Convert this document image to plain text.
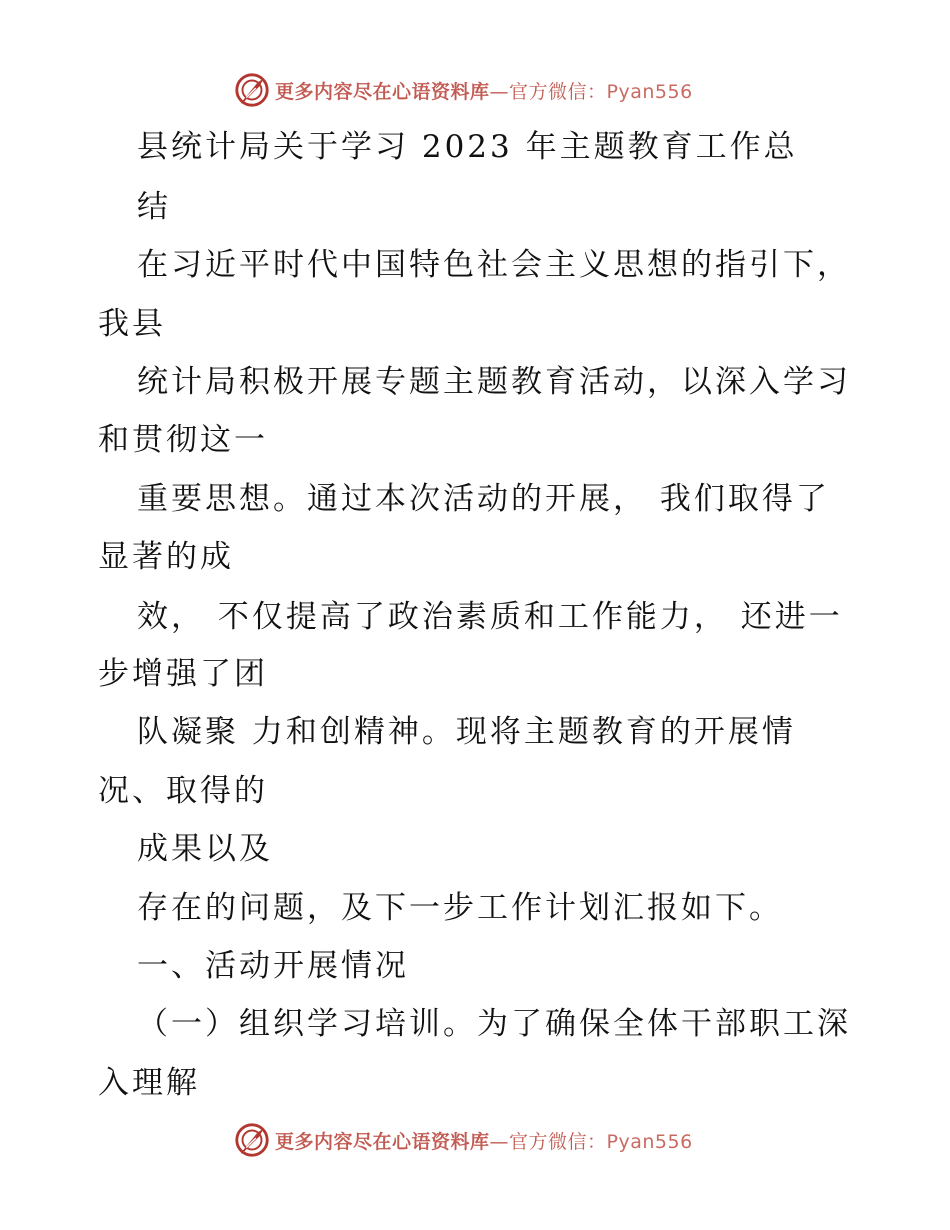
更多内容尽在心语资料库—官方微信：Pyan556
县统计局关于学习 2023 年主题教育工作总
结
在习近平时代中国特色社会主义思想的指引下，
我县
统计局积极开展专题主题教育活动，以深入学习
和贯彻这一
重要思想。通过本次活动的开展， 我们取得了
显著的成
效， 不仅提高了政治素质和工作能力， 还进一
步增强了团
队凝聚 力和创精神。现将主题教育的开展情
况、取得的
成果以及
存在的问题，及下一步工作计划汇报如下。
一、活动开展情况
（一）组织学习培训。为了确保全体干部职工深
入理解
更多内容尽在心语资料库—官方微信：Pyan556
